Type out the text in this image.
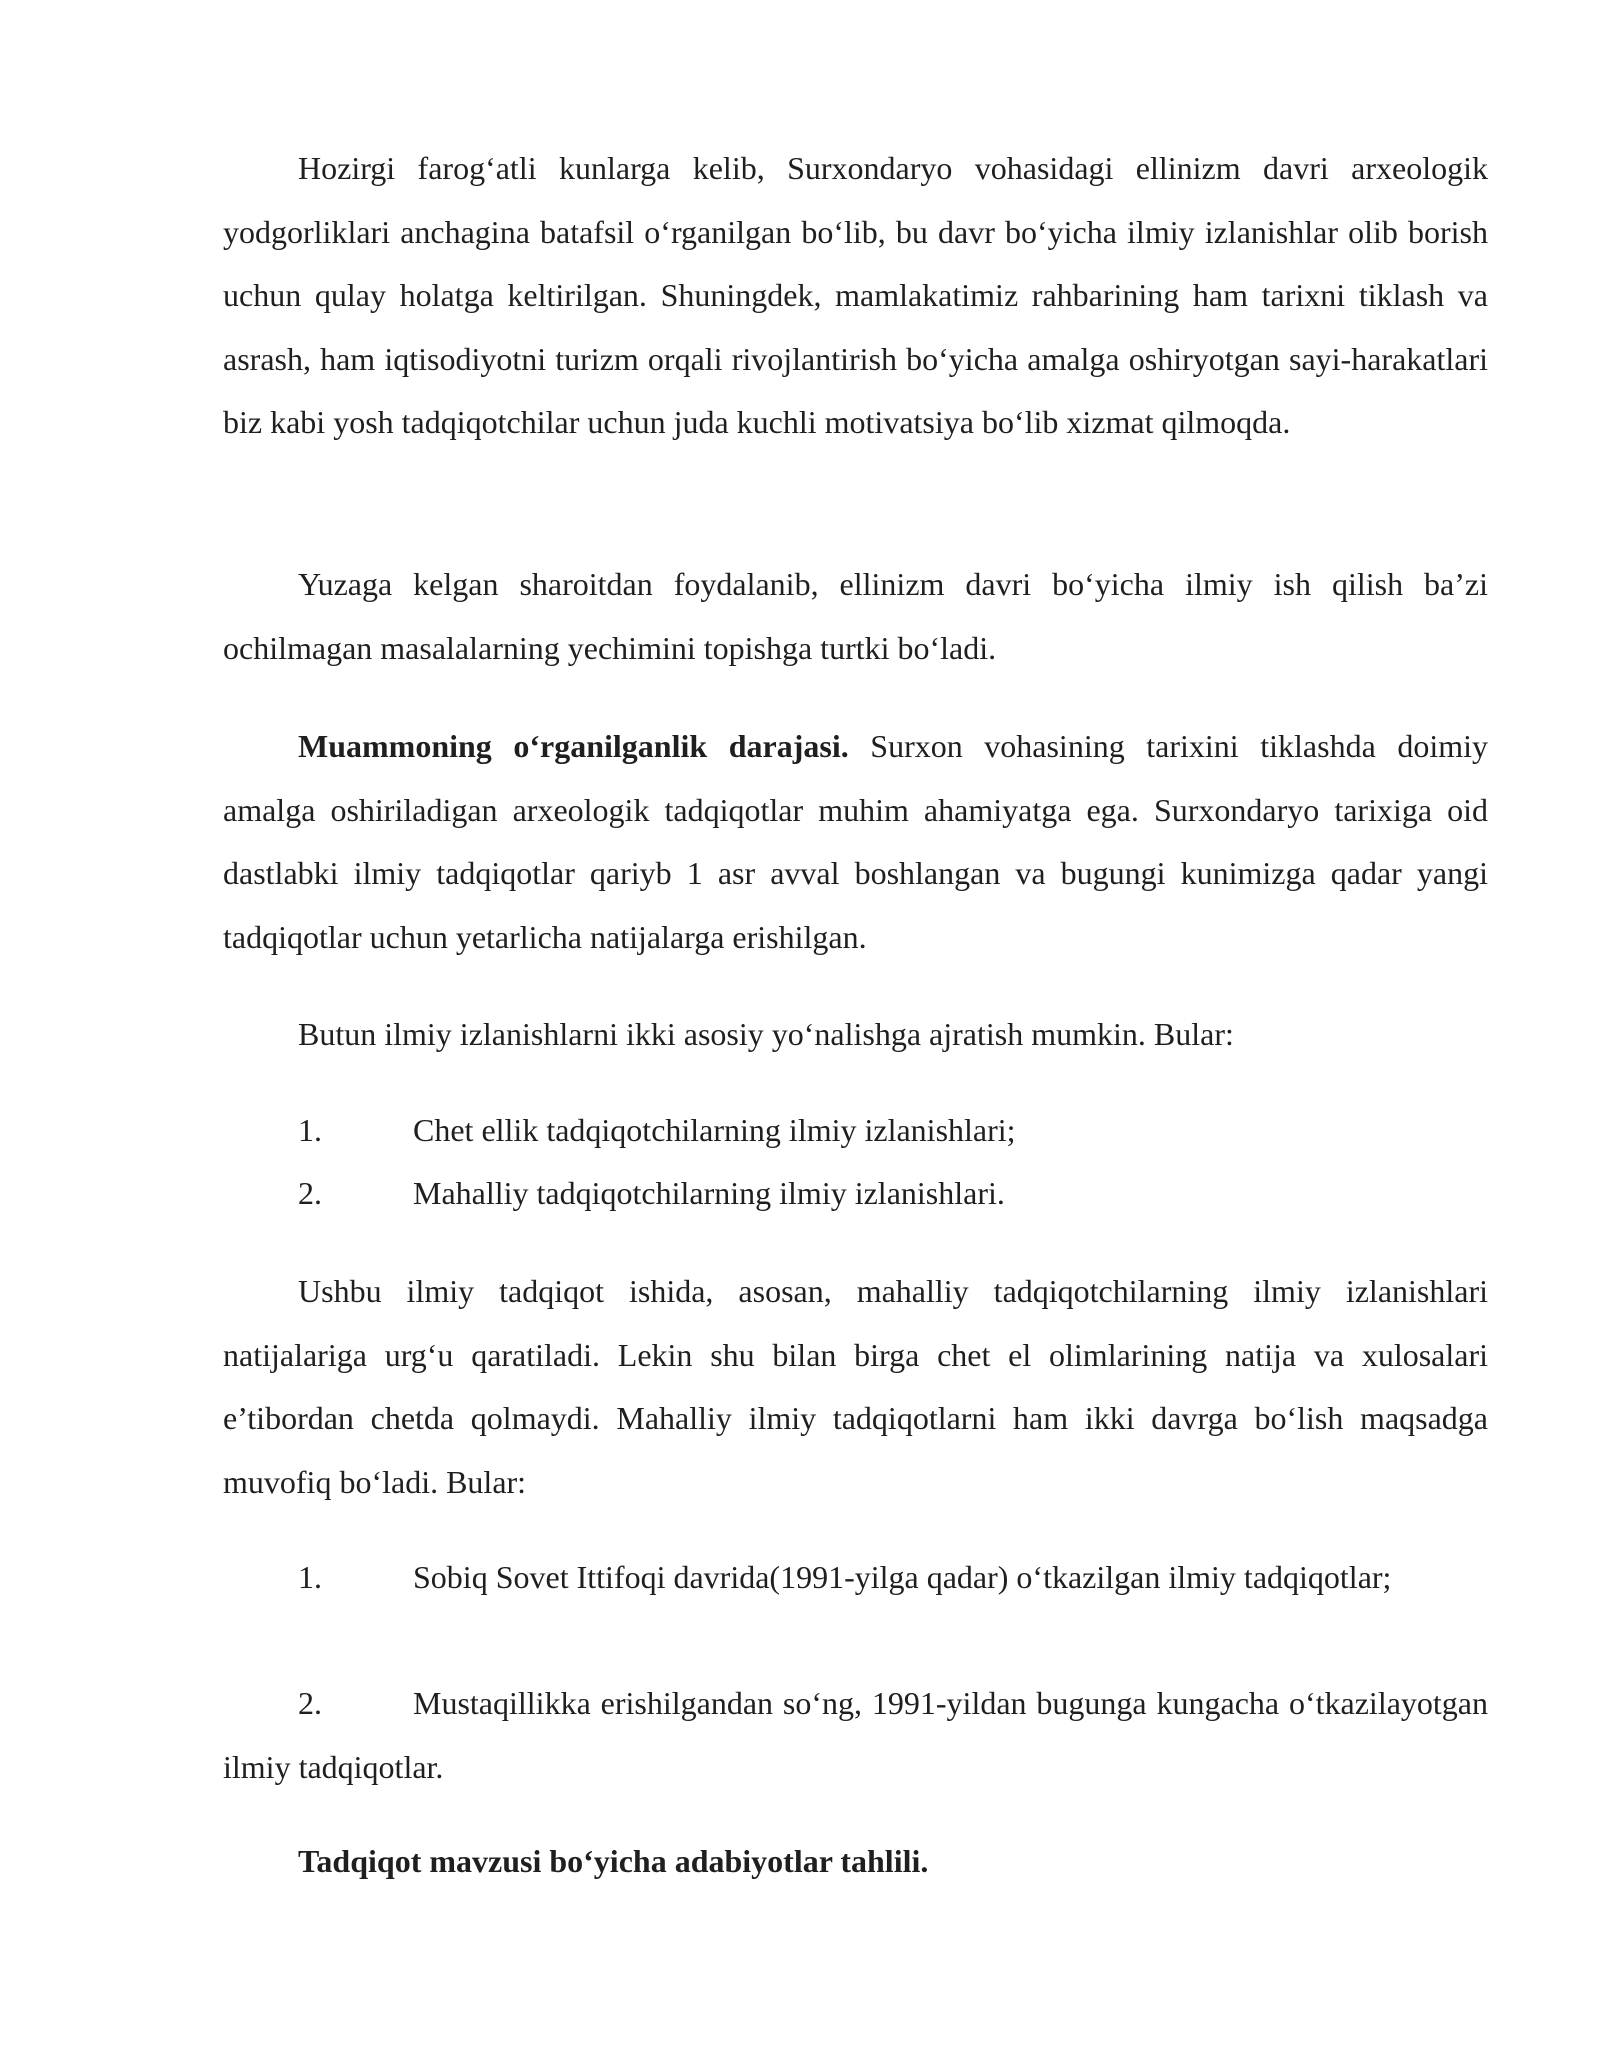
Hozirgi farog‘atli kunlarga kelib, Surxondaryo vohasidagi ellinizm davri arxeologik yodgorliklari anchagina batafsil o‘rganilgan bo‘lib, bu davr bo‘yicha ilmiy izlanishlar olib borish uchun qulay holatga keltirilgan. Shuningdek, mamlakatimiz rahbarining ham tarixni tiklash va asrash, ham iqtisodiyotni turizm orqali rivojlantirish bo‘yicha amalga oshiryotgan sayi-harakatlari biz kabi yosh tadqiqotchilar uchun juda kuchli motivatsiya bo‘lib xizmat qilmoqda.

Yuzaga kelgan sharoitdan foydalanib, ellinizm davri bo‘yicha ilmiy ish qilish ba’zi ochilmagan masalalarning yechimini topishga turtki bo‘ladi.

Muammoning o‘rganilganlik darajasi. Surxon vohasining tarixini tiklashda doimiy amalga oshiriladigan arxeologik tadqiqotlar muhim ahamiyatga ega. Surxondaryo tarixiga oid dastlabki ilmiy tadqiqotlar qariyb 1 asr avval boshlangan va bugungi kunimizga qadar yangi tadqiqotlar uchun yetarlicha natijalarga erishilgan.

Butun ilmiy izlanishlarni ikki asosiy yo‘nalishga ajratish mumkin. Bular:

1.	Chet ellik tadqiqotchilarning ilmiy izlanishlari;

2.	Mahalliy tadqiqotchilarning ilmiy izlanishlari.

Ushbu ilmiy tadqiqot ishida, asosan, mahalliy tadqiqotchilarning ilmiy izlanishlari natijalariga urg‘u qaratiladi. Lekin shu bilan birga chet el olimlarining natija va xulosalari e’tibordan chetda qolmaydi. Mahalliy ilmiy tadqiqotlarni ham ikki davrga bo‘lish maqsadga muvofiq bo‘ladi. Bular:

1.	Sobiq Sovet Ittifoqi davrida(1991-yilga qadar) o‘tkazilgan ilmiy tadqiqotlar;

2.	Mustaqillikka erishilgandan so‘ng, 1991-yildan bugunga kungacha o‘tkazilayotgan ilmiy tadqiqotlar.

Tadqiqot mavzusi bo‘yicha adabiyotlar tahlili.
